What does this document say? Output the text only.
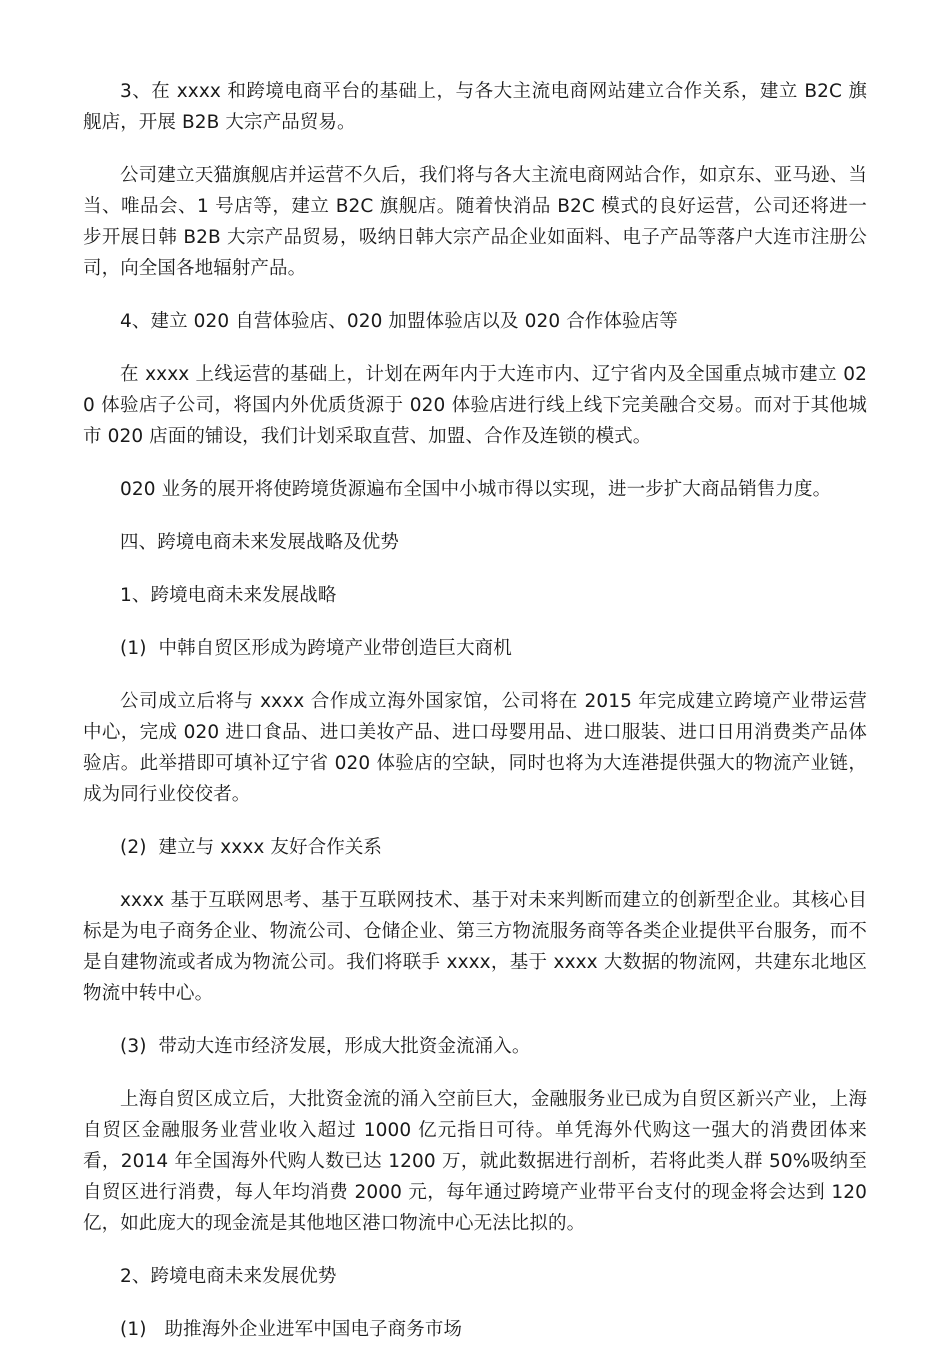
3、在 xxxx 和跨境电商平台的基础上，与各大主流电商网站建立合作关系，建立 B2C 旗舰店，开展 B2B 大宗产品贸易。

公司建立天猫旗舰店并运营不久后，我们将与各大主流电商网站合作，如京东、亚马逊、当当、唯品会、1 号店等，建立 B2C 旗舰店。随着快消品 B2C 模式的良好运营，公司还将进一步开展日韩 B2B 大宗产品贸易，吸纳日韩大宗产品企业如面料、电子产品等落户大连市注册公司，向全国各地辐射产品。

4、建立 020 自营体验店、020 加盟体验店以及 020 合作体验店等

在 xxxx 上线运营的基础上，计划在两年内于大连市内、辽宁省内及全国重点城市建立 020 体验店子公司，将国内外优质货源于 020 体验店进行线上线下完美融合交易。而对于其他城市 020 店面的铺设，我们计划采取直营、加盟、合作及连锁的模式。

020 业务的展开将使跨境货源遍布全国中小城市得以实现，进一步扩大商品销售力度。

四、跨境电商未来发展战略及优势

1、跨境电商未来发展战略

(1)  中韩自贸区形成为跨境产业带创造巨大商机

公司成立后将与 xxxx 合作成立海外国家馆，公司将在 2015 年完成建立跨境产业带运营中心，完成 020 进口食品、进口美妆产品、进口母婴用品、进口服装、进口日用消费类产品体验店。此举措即可填补辽宁省 020 体验店的空缺，同时也将为大连港提供强大的物流产业链，成为同行业佼佼者。

(2)  建立与 xxxx 友好合作关系

xxxx 基于互联网思考、基于互联网技术、基于对未来判断而建立的创新型企业。其核心目标是为电子商务企业、物流公司、仓储企业、第三方物流服务商等各类企业提供平台服务，而不是自建物流或者成为物流公司。我们将联手 xxxx，基于 xxxx 大数据的物流网，共建东北地区物流中转中心。

(3)  带动大连市经济发展，形成大批资金流涌入。

上海自贸区成立后，大批资金流的涌入空前巨大，金融服务业已成为自贸区新兴产业，上海自贸区金融服务业营业收入超过 1000 亿元指日可待。单凭海外代购这一强大的消费团体来看，2014 年全国海外代购人数已达 1200 万，就此数据进行剖析，若将此类人群 50%吸纳至自贸区进行消费，每人年均消费 2000 元，每年通过跨境产业带平台支付的现金将会达到 120 亿，如此庞大的现金流是其他地区港口物流中心无法比拟的。

2、跨境电商未来发展优势

(1)   助推海外企业进军中国电子商务市场
